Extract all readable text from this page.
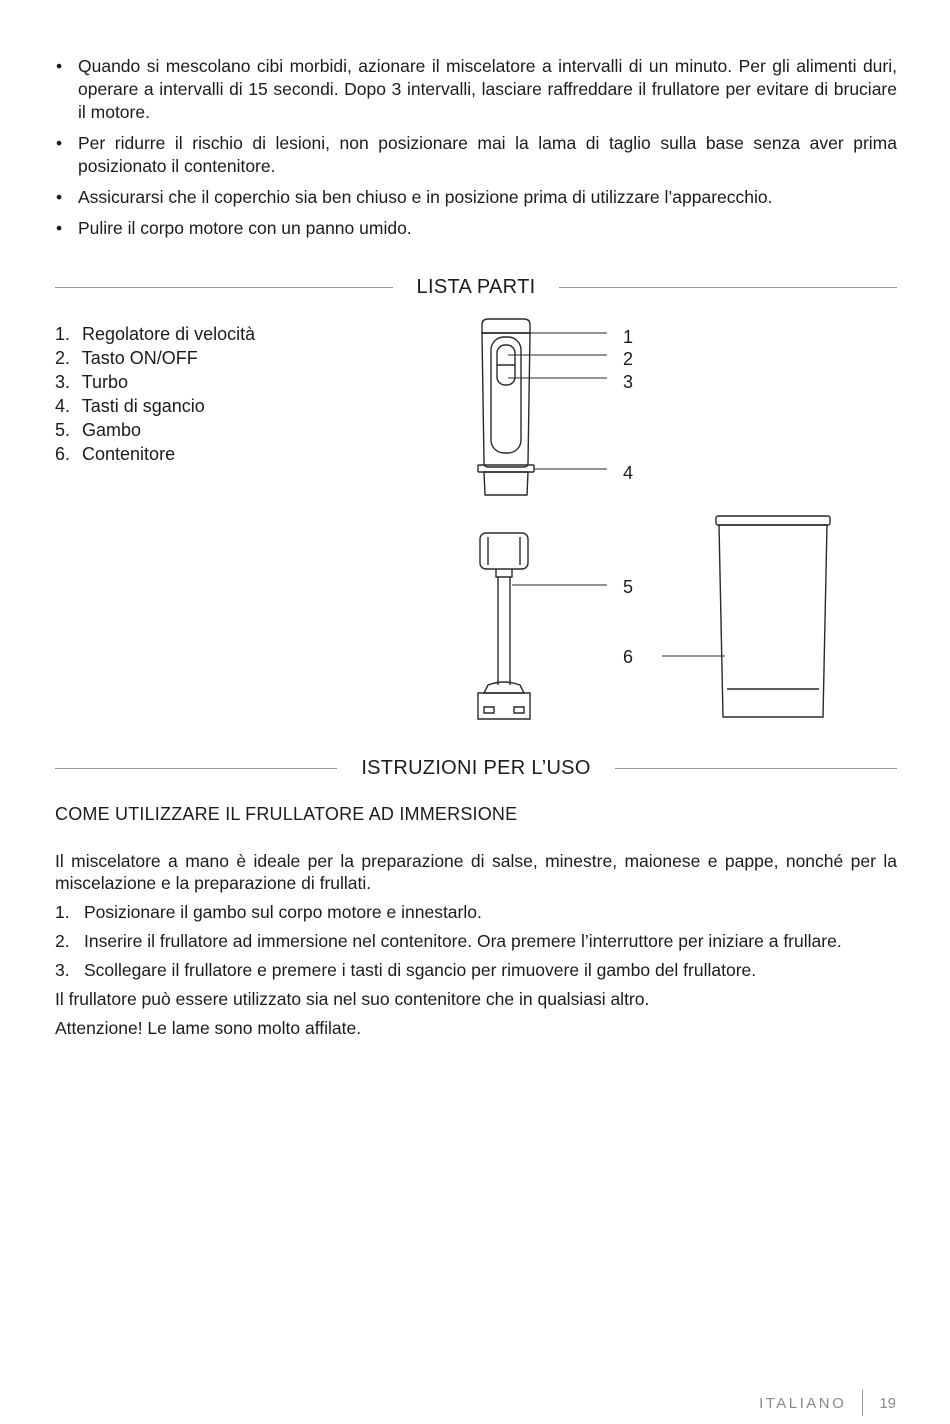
• Quando si mescolano cibi morbidi, azionare il miscelatore a intervalli di un minuto. Per gli alimenti duri, operare a intervalli di 15 secondi. Dopo 3 intervalli, lasciare raffreddare il frullatore per evitare di bruciare il motore.
• Per ridurre il rischio di lesioni, non posizionare mai la lama di taglio sulla base senza aver prima posizionato il contenitore.
• Assicurarsi che il coperchio sia ben chiuso e in posizione prima di utilizzare l’apparecchio.
• Pulire il corpo motore con un panno umido.
LISTA PARTI
1. Regolatore di velocità
2. Tasto ON/OFF
3. Turbo
4. Tasti di sgancio
5. Gambo
6. Contenitore
1
2
3
4
5
6
ISTRUZIONI PER L’USO
COME UTILIZZARE IL FRULLATORE AD IMMERSIONE

Il miscelatore a mano è ideale per la preparazione di salse, minestre, maionese e pappe, nonché per la miscelazione e la preparazione di frullati.

1. Posizionare il gambo sul corpo motore e innestarlo.
2. Inserire il frullatore ad immersione nel contenitore. Ora premere l’interruttore per iniziare a frullare.
3. Scollegare il frullatore e premere i tasti di sgancio per rimuovere il gambo del frullatore.

Il frullatore può essere utilizzato sia nel suo contenitore che in qualsiasi altro.

Attenzione! Le lame sono molto affilate.

ITALIANO 19
